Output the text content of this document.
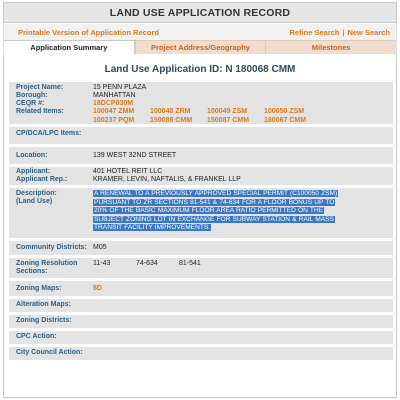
LAND USE APPLICATION RECORD
Printable Version of Application Record	Refine Search | New Search
Application Summary	Project Address/Geography	Milestones
Land Use Application ID: N 180068 CMM
Project Name:	15 PENN PLAZA
Borough:	MANHATTAN
CEQR #:	18DCP030M
Related Items:	100047 ZMM	100048 ZRM	100049 ZSM	100050 ZSM
100237 PQM	150086 CMM	150087 CMM	180067 CMM
CP/DCA/LPC Items:
Location:	139 WEST 32ND STREET
Applicant:	401 HOTEL REIT LLC
Applicant Rep.:	KRAMER, LEVIN, NAFTALIS, & FRANKEL LLP
Description:
(Land Use)
A RENEWAL TO A PREVIOUSLY APPROVED SPECIAL PERMIT (C100050 ZSM) PURSUANT TO ZR SECTIONS 81-541 & 74-634 FOR A FLOOR BONUS UP TO 20% OF THE BASIC MAXIMUM FLOOR AREA RATIO PERMITTED ON THE SUBJECT ZONING LOT IN EXCHANGE FOR SUBWAY STATION & RAIL MASS TRANSIT FACILITY IMPROVEMENTS.
Community Districts: M05
Zoning Resolution Sections:
11-43	74-634	81-541
Zoning Maps:	8D
Alteration Maps:
Zoning Districts:
CPC Action:
City Council Action:
